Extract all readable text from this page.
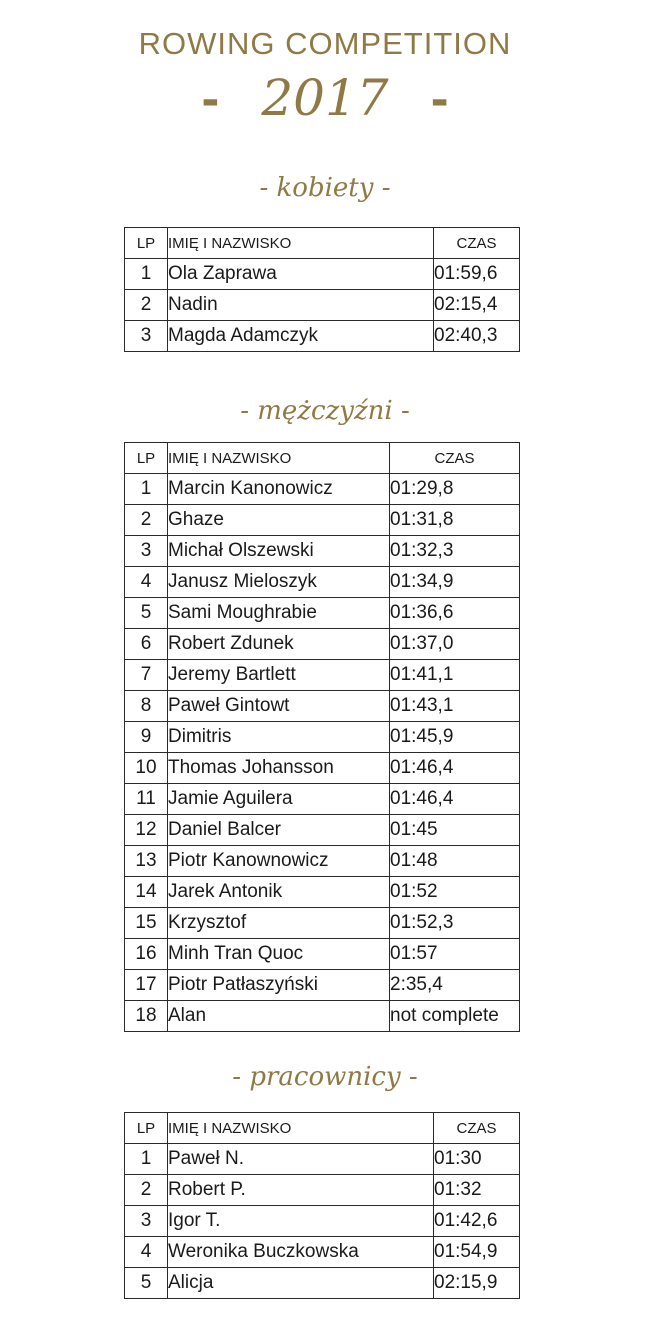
ROWING COMPETITION
- 2017 -
- kobiety -
LP	IMIĘ I NAZWISKO	CZAS
1	Ola Zaprawa	01:59,6
2	Nadin	02:15,4
3	Magda Adamczyk	02:40,3
- mężczyźni -
LP	IMIĘ I NAZWISKO	CZAS
1	Marcin Kanonowicz	01:29,8
2	Ghaze	01:31,8
3	Michał Olszewski	01:32,3
4	Janusz Mieloszyk	01:34,9
5	Sami Moughrabie	01:36,6
6	Robert Zdunek	01:37,0
7	Jeremy Bartlett	01:41,1
8	Paweł Gintowt	01:43,1
9	Dimitris	01:45,9
10	Thomas Johansson	01:46,4
11	Jamie Aguilera	01:46,4
12	Daniel Balcer	01:45
13	Piotr Kanownowicz	01:48
14	Jarek Antonik	01:52
15	Krzysztof	01:52,3
16	Minh Tran Quoc	01:57
17	Piotr Patłaszyński	2:35,4
18	Alan	not complete
- pracownicy -
LP	IMIĘ I NAZWISKO	CZAS
1	Paweł N.	01:30
2	Robert P.	01:32
3	Igor T.	01:42,6
4	Weronika Buczkowska	01:54,9
5	Alicja	02:15,9
